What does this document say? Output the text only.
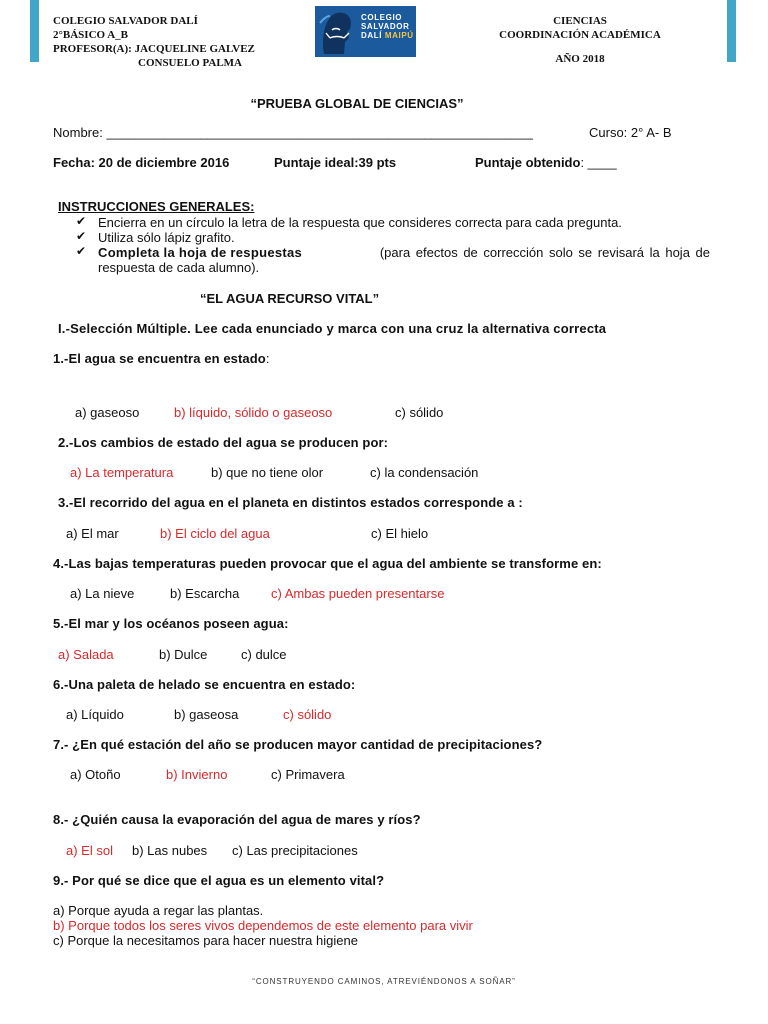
COLEGIO SALVADOR DALÍ
2°BÁSICO A_B
PROFESOR(A): JACQUELINE GALVEZ
CONSUELO PALMA
COLEGIO
SALVADOR
DALÍ MAIPÚ
CIENCIAS
COORDINACIÓN ACADÉMICA
AÑO 2018
“PRUEBA GLOBAL DE CIENCIAS”
Nombre: ___________________________________________________________	Curso: 2° A- B
Fecha: 20 de diciembre 2016	Puntaje ideal:39 pts	Puntaje obtenido: ____
INSTRUCCIONES GENERALES:
✔ Encierra en un círculo la letra de la respuesta que consideres correcta para cada pregunta.
✔ Utiliza sólo lápiz grafito.
✔ Completa la hoja de respuestas	(para efectos de corrección solo se revisará la hoja de
respuesta de cada alumno).
“EL AGUA RECURSO VITAL”
I.-Selección Múltiple. Lee cada enunciado y marca con una cruz la alternativa correcta
1.-El agua se encuentra en estado:
a) gaseoso	b) líquido, sólido o gaseoso	c) sólido
2.-Los cambios de estado del agua se producen por:
a) La temperatura	b) que no tiene olor	c) la condensación
3.-El recorrido del agua en el planeta en distintos estados corresponde a :
a) El mar	b) El ciclo del agua	c) El hielo
4.-Las bajas temperaturas pueden provocar que el agua del ambiente se transforme en:
a) La nieve	b) Escarcha c) Ambas pueden presentarse
5.-El mar y los océanos poseen agua:
a) Salada	b) Dulce	c) dulce
6.-Una paleta de helado se encuentra en estado:
a) Líquido	b) gaseosa	c) sólido
7.- ¿En qué estación del año se producen mayor cantidad de precipitaciones?
a) Otoño	b) Invierno	c) Primavera
8.- ¿Quién causa la evaporación del agua de mares y ríos?
a) El sol b) Las nubes c) Las precipitaciones
9.- Por qué se dice que el agua es un elemento vital?
a) Porque ayuda a regar las plantas.
b) Porque todos los seres vivos dependemos de este elemento para vivir
c) Porque la necesitamos para hacer nuestra higiene
“CONSTRUYENDO CAMINOS, ATREVIÉNDONOS A SOÑAR”
